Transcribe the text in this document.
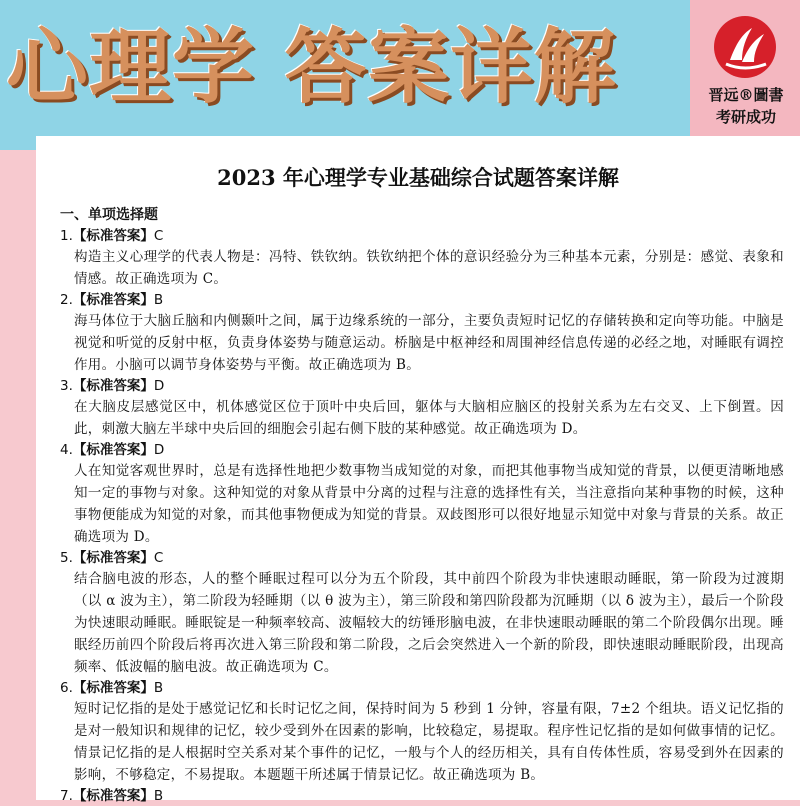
心理学 答案详解	晋远®圖書
考研成功
2023 年心理学专业基础综合试题答案详解
一、单项选择题
1.【标准答案】C
构造主义心理学的代表人物是：冯特、铁钦纳。铁钦纳把个体的意识经验分为三种基本元素，分别是：感觉、表象和情感。故正确选项为 C。
2.【标准答案】B
海马体位于大脑丘脑和内侧颞叶之间，属于边缘系统的一部分，主要负责短时记忆的存储转换和定向等功能。中脑是视觉和听觉的反射中枢，负责身体姿势与随意运动。桥脑是中枢神经和周围神经信息传递的必经之地，对睡眠有调控作用。小脑可以调节身体姿势与平衡。故正确选项为 B。
3.【标准答案】D
在大脑皮层感觉区中，机体感觉区位于顶叶中央后回，躯体与大脑相应脑区的投射关系为左右交叉、上下倒置。因此，刺激大脑左半球中央后回的细胞会引起右侧下肢的某种感觉。故正确选项为 D。
4.【标准答案】D
人在知觉客观世界时，总是有选择性地把少数事物当成知觉的对象，而把其他事物当成知觉的背景，以便更清晰地感知一定的事物与对象。这种知觉的对象从背景中分离的过程与注意的选择性有关，当注意指向某种事物的时候，这种事物便能成为知觉的对象，而其他事物便成为知觉的背景。双歧图形可以很好地显示知觉中对象与背景的关系。故正确选项为 D。
5.【标准答案】C
结合脑电波的形态，人的整个睡眠过程可以分为五个阶段，其中前四个阶段为非快速眼动睡眠，第一阶段为过渡期（以 α 波为主），第二阶段为轻睡期（以 θ 波为主），第三阶段和第四阶段都为沉睡期（以 δ 波为主），最后一个阶段为快速眼动睡眠。睡眠锭是一种频率较高、波幅较大的纺锤形脑电波，在非快速眼动睡眠的第二个阶段偶尔出现。睡眠经历前四个阶段后将再次进入第三阶段和第二阶段，之后会突然进入一个新的阶段，即快速眼动睡眠阶段，出现高频率、低波幅的脑电波。故正确选项为 C。
6.【标准答案】B
短时记忆指的是处于感觉记忆和长时记忆之间，保持时间为 5 秒到 1 分钟，容量有限，7±2 个组块。语义记忆指的是对一般知识和规律的记忆，较少受到外在因素的影响，比较稳定，易提取。程序性记忆指的是如何做事情的记忆。情景记忆指的是人根据时空关系对某个事件的记忆，一般与个人的经历相关，具有自传体性质，容易受到外在因素的影响，不够稳定，不易提取。本题题干所述属于情景记忆。故正确选项为 B。
7.【标准答案】B
